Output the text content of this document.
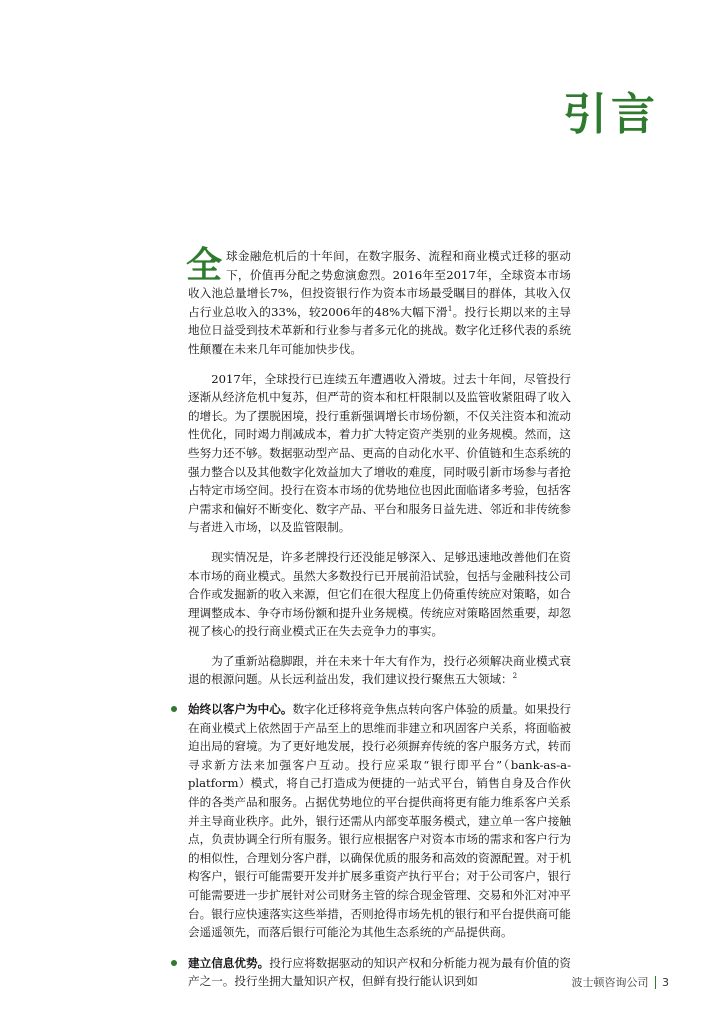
引言

全球金融危机后的十年间，在数字服务、流程和商业模式迁移的驱动下，价值再分配之势愈演愈烈。2016年至2017年，全球资本市场收入池总量增长7%，但投资银行作为资本市场最受瞩目的群体，其收入仅占行业总收入的33%，较2006年的48%大幅下滑$^1$。投行长期以来的主导地位日益受到技术革新和行业参与者多元化的挑战。数字化迁移代表的系统性颠覆在未来几年可能加快步伐。

2017年，全球投行已连续五年遭遇收入滑坡。过去十年间，尽管投行逐渐从经济危机中复苏，但严苛的资本和杠杆限制以及监管收紧阻碍了收入的增长。为了摆脱困境，投行重新强调增长市场份额，不仅关注资本和流动性优化，同时竭力削减成本，着力扩大特定资产类别的业务规模。然而，这些努力还不够。数据驱动型产品、更高的自动化水平、价值链和生态系统的强力整合以及其他数字化效益加大了增收的难度，同时吸引新市场参与者抢占特定市场空间。投行在资本市场的优势地位也因此面临诸多考验，包括客户需求和偏好不断变化、数字产品、平台和服务日益先进、邻近和非传统参与者进入市场，以及监管限制。

现实情况是，许多老牌投行还没能足够深入、足够迅速地改善他们在资本市场的商业模式。虽然大多数投行已开展前沿试验，包括与金融科技公司合作或发掘新的收入来源，但它们在很大程度上仍倚重传统应对策略，如合理调整成本、争夺市场份额和提升业务规模。传统应对策略固然重要，却忽视了核心的投行商业模式正在失去竞争力的事实。

为了重新站稳脚跟，并在未来十年大有作为，投行必须解决商业模式衰退的根源问题。从长远利益出发，我们建议投行聚焦五大领域：$^2$

始终以客户为中心。数字化迁移将竞争焦点转向客户体验的质量。如果投行在商业模式上依然固于产品至上的思维而非建立和巩固客户关系，将面临被迫出局的窘境。为了更好地发展，投行必须摒弃传统的客户服务方式，转而寻求新方法来加强客户互动。投行应采取“银行即平台”（bank-as-a-platform）模式，将自己打造成为便捷的一站式平台，销售自身及合作伙伴的各类产品和服务。占据优势地位的平台提供商将更有能力维系客户关系并主导商业秩序。此外，银行还需从内部变革服务模式，建立单一客户接触点，负责协调全行所有服务。银行应根据客户对资本市场的需求和客户行为的相似性，合理划分客户群，以确保优质的服务和高效的资源配置。对于机构客户，银行可能需要开发并扩展多重资产执行平台；对于公司客户，银行可能需要进一步扩展针对公司财务主管的综合现金管理、交易和外汇对冲平台。银行应快速落实这些举措，否则抢得市场先机的银行和平台提供商可能会遥遥领先，而落后银行可能沦为其他生态系统的产品提供商。
建立信息优势。投行应将数据驱动的知识产权和分析能力视为最有价值的资产之一。投行坐拥大量知识产权，但鲜有投行能认识到如	波士顿咨询公司 3
